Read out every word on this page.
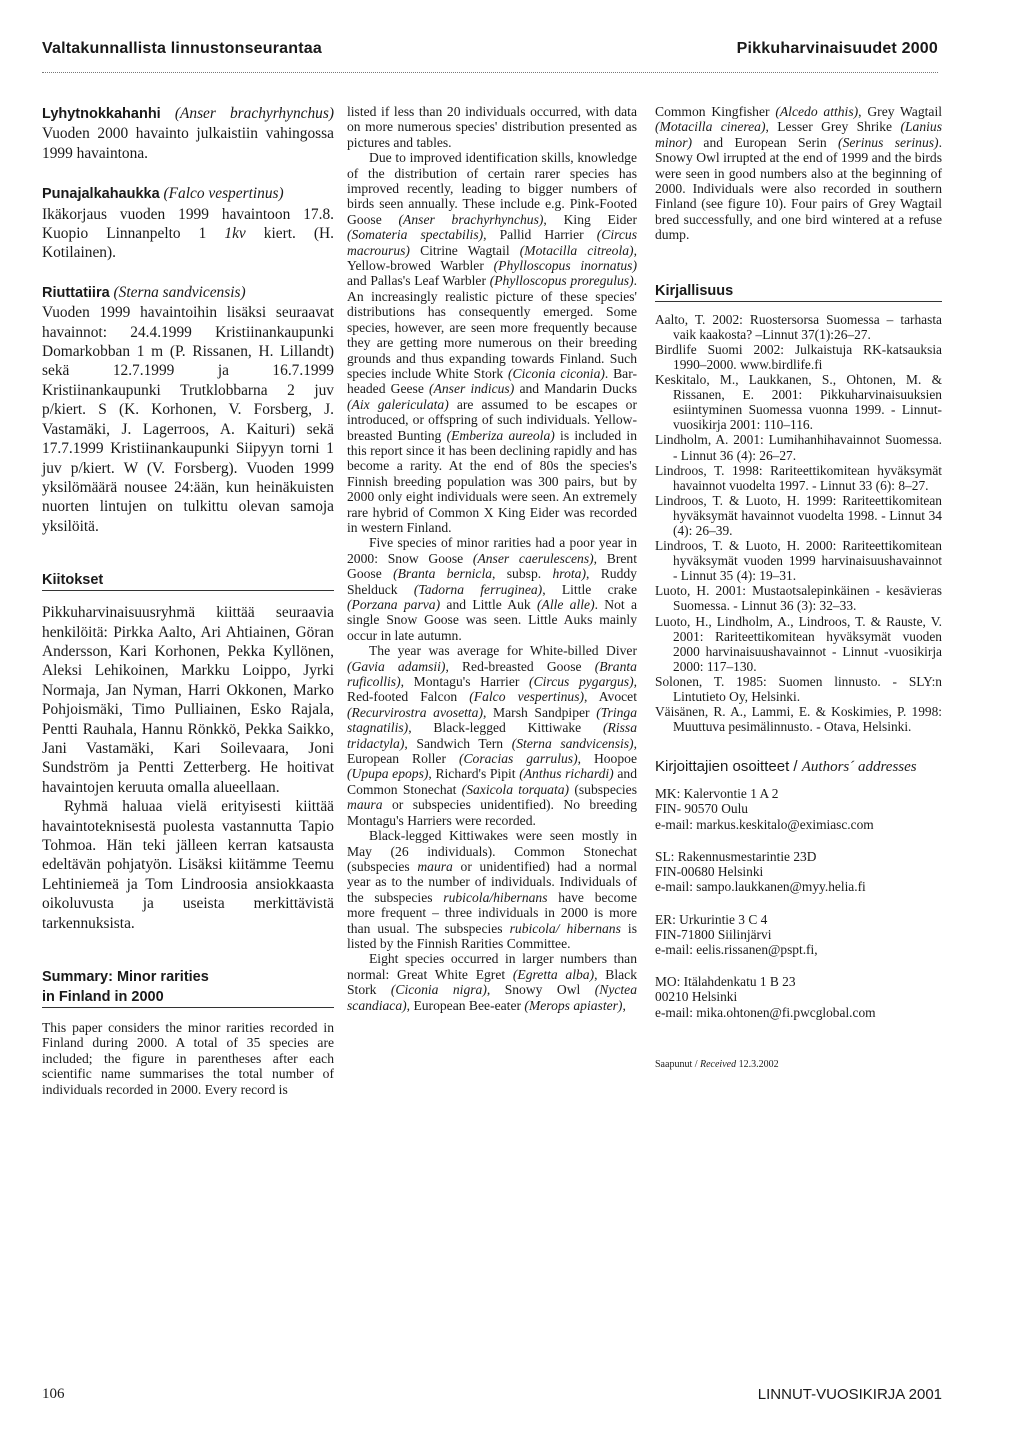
Valtakunnallista linnustonseurantaa	Pikkuharvinaisuudet 2000

Lyhytnokkahanhi (Anser brachyrhynchus) Vuoden 2000 havainto julkaistiin vahingossa 1999 havaintona.

Punajalkahaukka (Falco vespertinus)
Ikäkorjaus vuoden 1999 havaintoon 17.8. Kuopio Linnanpelto 1 1kv kiert. (H. Kotilainen).

Riuttatiira (Sterna sandvicensis)
Vuoden 1999 havaintoihin lisäksi seuraavat havainnot: 24.4.1999 Kristiinankaupunki Domarkobban 1 m (P. Rissanen, H. Lillandt) sekä 12.7.1999 ja 16.7.1999 Kristiinankaupunki Trutklobbarna 2 juv p/kiert. S (K. Korhonen, V. Forsberg, J. Vastamäki, J. Lagerroos, A. Kaituri) sekä 17.7.1999 Kristiinankaupunki Siipyyn torni 1 juv p/kiert. W (V. Forsberg). Vuoden 1999 yksilömäärä nousee 24:ään, kun heinäkuisten nuorten lintujen on tulkittu olevan samoja yksilöitä.

Kiitokset

Pikkuharvinaisuusryhmä kiittää seuraavia henkilöitä: Pirkka Aalto, Ari Ahtiainen, Göran Andersson, Kari Korhonen, Pekka Kyllönen, Aleksi Lehikoinen, Markku Loippo, Jyrki Normaja, Jan Nyman, Harri Okkonen, Marko Pohjoismäki, Timo Pulliainen, Esko Rajala, Pentti Rauhala, Hannu Rönkkö, Pekka Saikko, Jani Vastamäki, Kari Soilevaara, Joni Sundström ja Pentti Zetterberg. He hoitivat havaintojen keruuta omalla alueellaan.

Ryhmä haluaa vielä erityisesti kiittää havaintoteknisestä puolesta vastannutta Tapio Tohmoa. Hän teki jälleen kerran katsausta edeltävän pohjatyön. Lisäksi kiitämme Teemu Lehtiniemeä ja Tom Lindroosia ansiokkaasta oikoluvusta ja useista merkittävistä tarkennuksista.

Summary: Minor rarities
in Finland in 2000

This paper considers the minor rarities recorded in Finland during 2000. A total of 35 species are included; the figure in parentheses after each scientific name summarises the total number of individuals recorded in 2000. Every record is

listed if less than 20 individuals occurred, with data on more numerous species' distribution presented as pictures and tables.

Due to improved identification skills, knowledge of the distribution of certain rarer species has improved recently, leading to bigger numbers of birds seen annually. These include e.g. Pink-Footed Goose (Anser brachyrhynchus), King Eider (Somateria spectabilis), Pallid Harrier (Circus macrourus) Citrine Wagtail (Motacilla citreola), Yellow-browed Warbler (Phylloscopus inornatus) and Pallas's Leaf Warbler (Phylloscopus proregulus). An increasingly realistic picture of these species' distributions has consequently emerged. Some species, however, are seen more frequently because they are getting more numerous on their breeding grounds and thus expanding towards Finland. Such species include White Stork (Ciconia ciconia). Bar-headed Geese (Anser indicus) and Mandarin Ducks (Aix galericulata) are assumed to be escapes or introduced, or offspring of such individuals. Yellow-breasted Bunting (Emberiza aureola) is included in this report since it has been declining rapidly and has become a rarity. At the end of 80s the species's Finnish breeding population was 300 pairs, but by 2000 only eight individuals were seen. An extremely rare hybrid of Common X King Eider was recorded in western Finland.

Five species of minor rarities had a poor year in 2000: Snow Goose (Anser caerulescens), Brent Goose (Branta bernicla, subsp. hrota), Ruddy Shelduck (Tadorna ferruginea), Little crake (Porzana parva) and Little Auk (Alle alle). Not a single Snow Goose was seen. Little Auks mainly occur in late autumn.

The year was average for White-billed Diver (Gavia adamsii), Red-breasted Goose (Branta ruficollis), Montagu's Harrier (Circus pygargus), Red-footed Falcon (Falco vespertinus), Avocet (Recurvirostra avosetta), Marsh Sandpiper (Tringa stagnatilis), Black-legged Kittiwake (Rissa tridactyla), Sandwich Tern (Sterna sandvicensis), European Roller (Coracias garrulus), Hoopoe (Upupa epops), Richard's Pipit (Anthus richardi) and Common Stonechat (Saxicola torquata) (subspecies maura or subspecies unidentified). No breeding Montagu's Harriers were recorded.

Black-legged Kittiwakes were seen mostly in May (26 individuals). Common Stonechat (subspecies maura or unidentified) had a normal year as to the number of individuals. Individuals of the subspecies rubicola/hibernans have become more frequent – three individuals in 2000 is more than usual. The subspecies rubicola/ hibernans is listed by the Finnish Rarities Committee.

Eight species occurred in larger numbers than normal: Great White Egret (Egretta alba), Black Stork (Ciconia nigra), Snowy Owl (Nyctea scandiaca), European Bee-eater (Merops apiaster),

Common Kingfisher (Alcedo atthis), Grey Wagtail (Motacilla cinerea), Lesser Grey Shrike (Lanius minor) and European Serin (Serinus serinus). Snowy Owl irrupted at the end of 1999 and the birds were seen in good numbers also at the beginning of 2000. Individuals were also recorded in southern Finland (see figure 10). Four pairs of Grey Wagtail bred successfully, and one bird wintered at a refuse dump.

Kirjallisuus

Aalto, T. 2002: Ruostersorsa Suomessa – tarhasta vaik kaakosta? –Linnut 37(1):26–27.

Birdlife Suomi 2002: Julkaistuja RK-katsauksia 1990–2000. www.birdlife.fi

Keskitalo, M., Laukkanen, S., Ohtonen, M. & Rissanen, E. 2001: Pikkuharvinaisuuksien esiintyminen Suomessa vuonna 1999. - Linnut-vuosikirja 2001: 110–116.

Lindholm, A. 2001: Lumihanhihavainnot Suomessa. - Linnut 36 (4): 26–27.

Lindroos, T. 1998: Rariteettikomitean hyväksymät havainnot vuodelta 1997. - Linnut 33 (6): 8–27.

Lindroos, T. & Luoto, H. 1999: Rariteettikomitean hyväksymät havainnot vuodelta 1998. - Linnut 34 (4): 26–39.

Lindroos, T. & Luoto, H. 2000: Rariteettikomitean hyväksymät vuoden 1999 harvinaisuushavainnot - Linnut 35 (4): 19–31.

Luoto, H. 2001: Mustaotsalepinkäinen - kesävieras Suomessa. - Linnut 36 (3): 32–33.

Luoto, H., Lindholm, A., Lindroos, T. & Rauste, V. 2001: Rariteettikomitean hyväksymät vuoden 2000 harvinaisuushavainnot - Linnut -vuosikirja 2000: 117–130.

Solonen, T. 1985: Suomen linnusto. - SLY:n Lintutieto Oy, Helsinki.

Väisänen, R. A., Lammi, E. & Koskimies, P. 1998: Muuttuva pesimälinnusto. - Otava, Helsinki.

Kirjoittajien osoitteet / Authors´ addresses

MK: Kalervontie 1 A 2

FIN- 90570 Oulu

e-mail: markus.keskitalo@eximiasc.com

SL: Rakennusmestarintie 23D

FIN-00680 Helsinki

e-mail: sampo.laukkanen@myy.helia.fi

ER: Urkurintie 3 C 4

FIN-71800 Siilinjärvi

e-mail: eelis.rissanen@pspt.fi,

MO: Itälahdenkatu 1 B 23

00210 Helsinki

e-mail: mika.ohtonen@fi.pwcglobal.com

Saapunut / Received 12.3.2002

106	LINNUT-VUOSIKIRJA 2001
